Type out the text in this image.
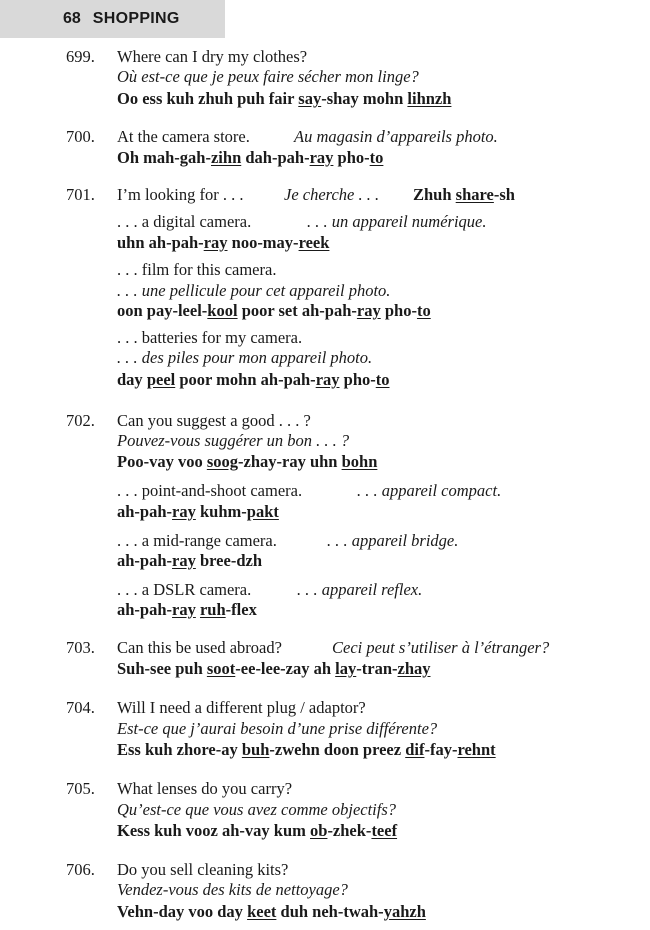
68 SHOPPING
699. Where can I dry my clothes?
Où est-ce que je peux faire sécher mon linge?
Oo ess kuh zhuh puh fair say-shay mohn lihnzh
700. At the camera store.	Au magasin d’appareils photo.
Oh mah-gah-zihn dah-pah-ray pho-to
701. I’m looking for . . . Je cherche . . . Zhuh share-sh
. . . a digital camera.	. . . un appareil numérique.
uhn ah-pah-ray noo-may-reek
. . . film for this camera.
. . . une pellicule pour cet appareil photo.
oon pay-leel-kool poor set ah-pah-ray pho-to
. . . batteries for my camera.
. . . des piles pour mon appareil photo.
day peel poor mohn ah-pah-ray pho-to
702. Can you suggest a good . . . ?
Pouvez-vous suggérer un bon . . . ?
Poo-vay voo soog-zhay-ray uhn bohn
. . . point-and-shoot camera.	. . . appareil compact.
ah-pah-ray kuhm-pakt
. . . a mid-range camera.	. . . appareil bridge.
ah-pah-ray bree-dzh
. . . a DSLR camera.	. . . appareil reflex.
ah-pah-ray ruh-flex
703. Can this be used abroad?	Ceci peut s’utiliser à l’étranger?
Suh-see puh soot-ee-lee-zay ah lay-tran-zhay
704. Will I need a different plug / adaptor?
Est-ce que j’aurai besoin d’une prise différente?
Ess kuh zhore-ay buh-zwehn doon preez dif-fay-rehnt
705. What lenses do you carry?
Qu’est-ce que vous avez comme objectifs?
Kess kuh vooz ah-vay kum ob-zhek-teef
706. Do you sell cleaning kits?
Vendez-vous des kits de nettoyage?
Vehn-day voo day keet duh neh-twah-yahzh
